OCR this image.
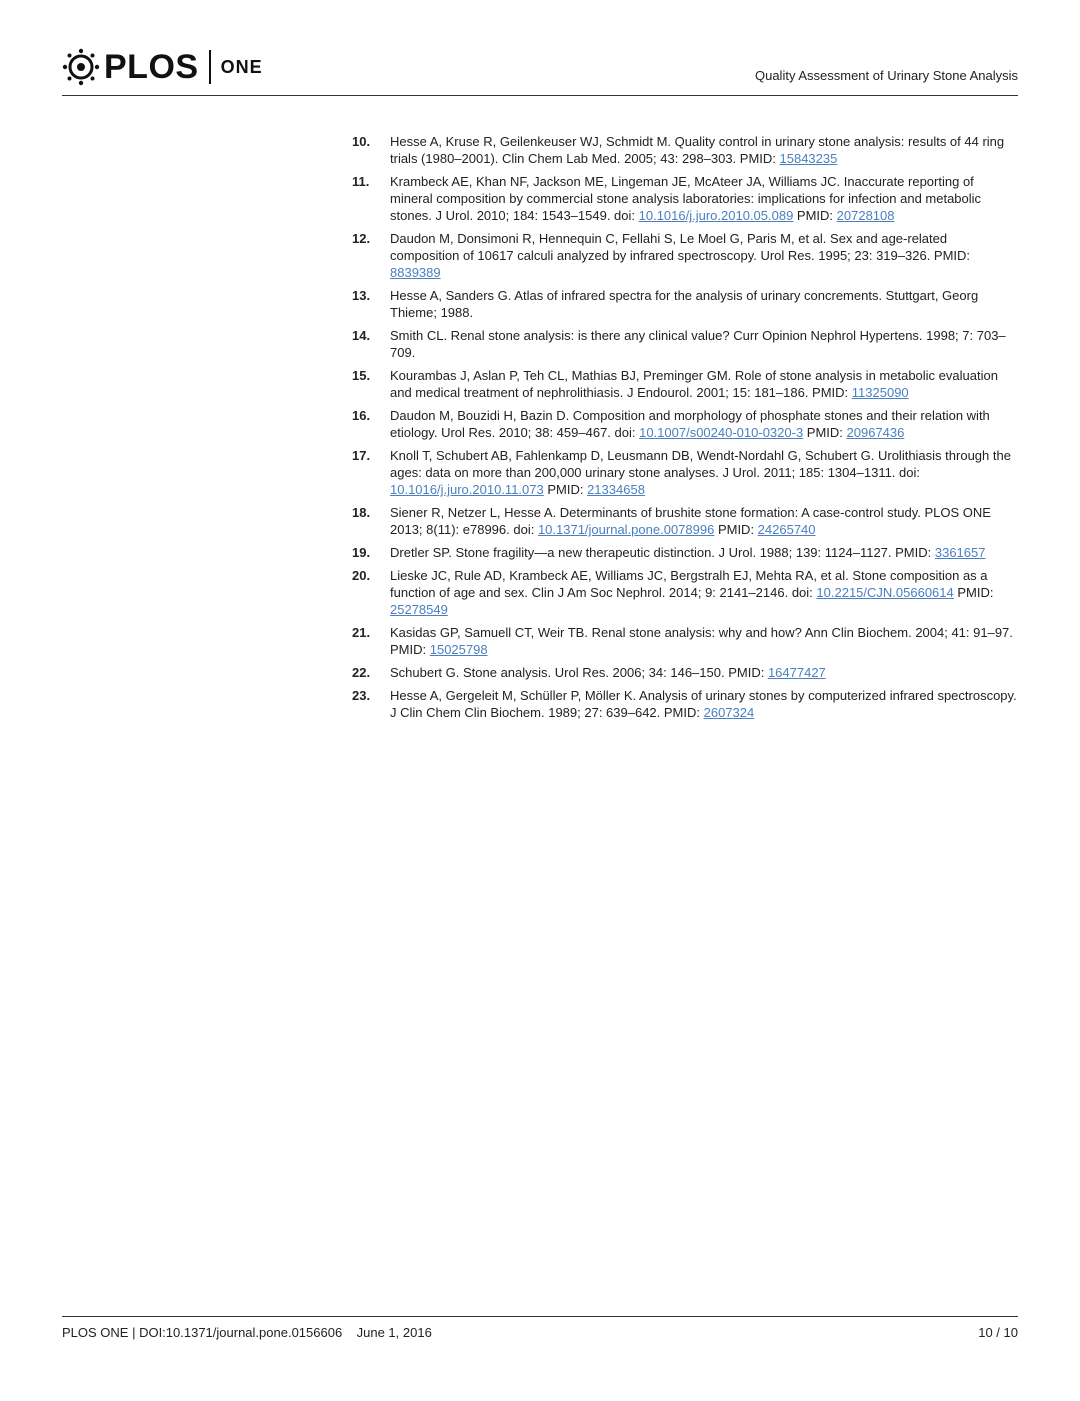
PLOS ONE	Quality Assessment of Urinary Stone Analysis
10. Hesse A, Kruse R, Geilenkeuser WJ, Schmidt M. Quality control in urinary stone analysis: results of 44 ring trials (1980–2001). Clin Chem Lab Med. 2005; 43: 298–303. PMID: 15843235
11. Krambeck AE, Khan NF, Jackson ME, Lingeman JE, McAteer JA, Williams JC. Inaccurate reporting of mineral composition by commercial stone analysis laboratories: implications for infection and metabolic stones. J Urol. 2010; 184: 1543–1549. doi: 10.1016/j.juro.2010.05.089 PMID: 20728108
12. Daudon M, Donsimoni R, Hennequin C, Fellahi S, Le Moel G, Paris M, et al. Sex and age-related composition of 10617 calculi analyzed by infrared spectroscopy. Urol Res. 1995; 23: 319–326. PMID: 8839389
13. Hesse A, Sanders G. Atlas of infrared spectra for the analysis of urinary concrements. Stuttgart, Georg Thieme; 1988.
14. Smith CL. Renal stone analysis: is there any clinical value? Curr Opinion Nephrol Hypertens. 1998; 7: 703–709.
15. Kourambas J, Aslan P, Teh CL, Mathias BJ, Preminger GM. Role of stone analysis in metabolic evaluation and medical treatment of nephrolithiasis. J Endourol. 2001; 15: 181–186. PMID: 11325090
16. Daudon M, Bouzidi H, Bazin D. Composition and morphology of phosphate stones and their relation with etiology. Urol Res. 2010; 38: 459–467. doi: 10.1007/s00240-010-0320-3 PMID: 20967436
17. Knoll T, Schubert AB, Fahlenkamp D, Leusmann DB, Wendt-Nordahl G, Schubert G. Urolithiasis through the ages: data on more than 200,000 urinary stone analyses. J Urol. 2011; 185: 1304–1311. doi: 10.1016/j.juro.2010.11.073 PMID: 21334658
18. Siener R, Netzer L, Hesse A. Determinants of brushite stone formation: A case-control study. PLOS ONE 2013; 8(11): e78996. doi: 10.1371/journal.pone.0078996 PMID: 24265740
19. Dretler SP. Stone fragility—a new therapeutic distinction. J Urol. 1988; 139: 1124–1127. PMID: 3361657
20. Lieske JC, Rule AD, Krambeck AE, Williams JC, Bergstralh EJ, Mehta RA, et al. Stone composition as a function of age and sex. Clin J Am Soc Nephrol. 2014; 9: 2141–2146. doi: 10.2215/CJN.05660614 PMID: 25278549
21. Kasidas GP, Samuell CT, Weir TB. Renal stone analysis: why and how? Ann Clin Biochem. 2004; 41: 91–97. PMID: 15025798
22. Schubert G. Stone analysis. Urol Res. 2006; 34: 146–150. PMID: 16477427
23. Hesse A, Gergeleit M, Schüller P, Möller K. Analysis of urinary stones by computerized infrared spectroscopy. J Clin Chem Clin Biochem. 1989; 27: 639–642. PMID: 2607324
PLOS ONE | DOI:10.1371/journal.pone.0156606    June 1, 2016	10 / 10
